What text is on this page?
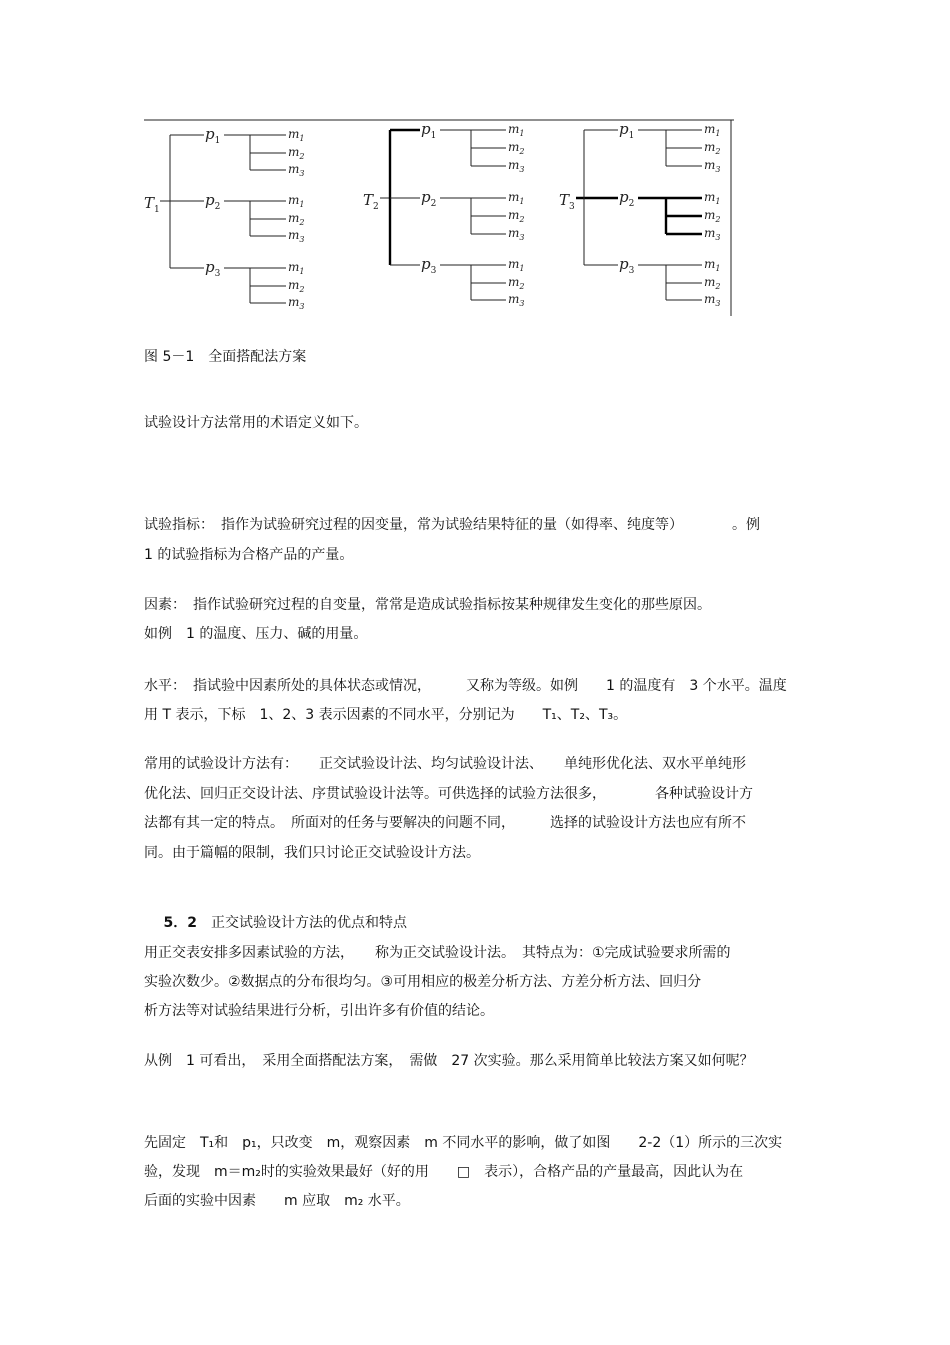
$T_1$
$p_1$
$p_2$
$p_3$
$m_1$
$m_2$
$m_3$
$m_1$
$m_2$
$m_3$
$m_1$
$m_2$
$m_3$
$T_2$
$p_1$
$p_2$
$p_3$
$m_1$
$m_2$
$m_3$
$m_1$
$m_2$
$m_3$
$m_1$
$m_2$
$m_3$
$T_3$
$p_1$
$p_2$
$p_3$
$m_1$
$m_2$
$m_3$
$m_1$
$m_2$
$m_3$
$m_1$
$m_2$
$m_3$
图 5－1　全面搭配法方案
试验设计方法常用的术语定义如下。
试验指标：　指作为试验研究过程的因变量，常为试验结果特征的量（如得率、纯度等）　　　　。例
1 的试验指标为合格产品的产量。
因素：　指作试验研究过程的自变量，常常是造成试验指标按某种规律发生变化的那些原因。
如例　1 的温度、压力、碱的用量。
水平：　指试验中因素所处的具体状态或情况，　　　又称为等级。如例　　1 的温度有　3 个水平。温度
用 T 表示，下标　1、2、3 表示因素的不同水平，分别记为　　T₁、T₂、T₃。
常用的试验设计方法有：　　正交试验设计法、均匀试验设计法、　　单纯形优化法、双水平单纯形
优化法、回归正交设计法、序贯试验设计法等。可供选择的试验方法很多，　　　　各种试验设计方
法都有其一定的特点。　所面对的任务与要解决的问题不同，　　　选择的试验设计方法也应有所不
同。由于篇幅的限制，我们只讨论正交试验设计方法。

5．2　 正交试验设计方法的优点和特点

用正交表安排多因素试验的方法，　　称为正交试验设计法。　其特点为：①完成试验要求所需的
实验次数少。②数据点的分布很均匀。③可用相应的极差分析方法、方差分析方法、回归分
析方法等对试验结果进行分析，引出许多有价值的结论。
从例　1 可看出，　采用全面搭配法方案，　需做　27 次实验。那么采用简单比较法方案又如何呢？
先固定　T₁和　p₁，只改变　m，观察因素　m 不同水平的影响，做了如图　　2-2（1）所示的三次实
验，发现　m＝m₂时的实验效果最好（好的用　　□　表示），合格产品的产量最高，因此认为在
后面的实验中因素　　m 应取　m₂ 水平。
